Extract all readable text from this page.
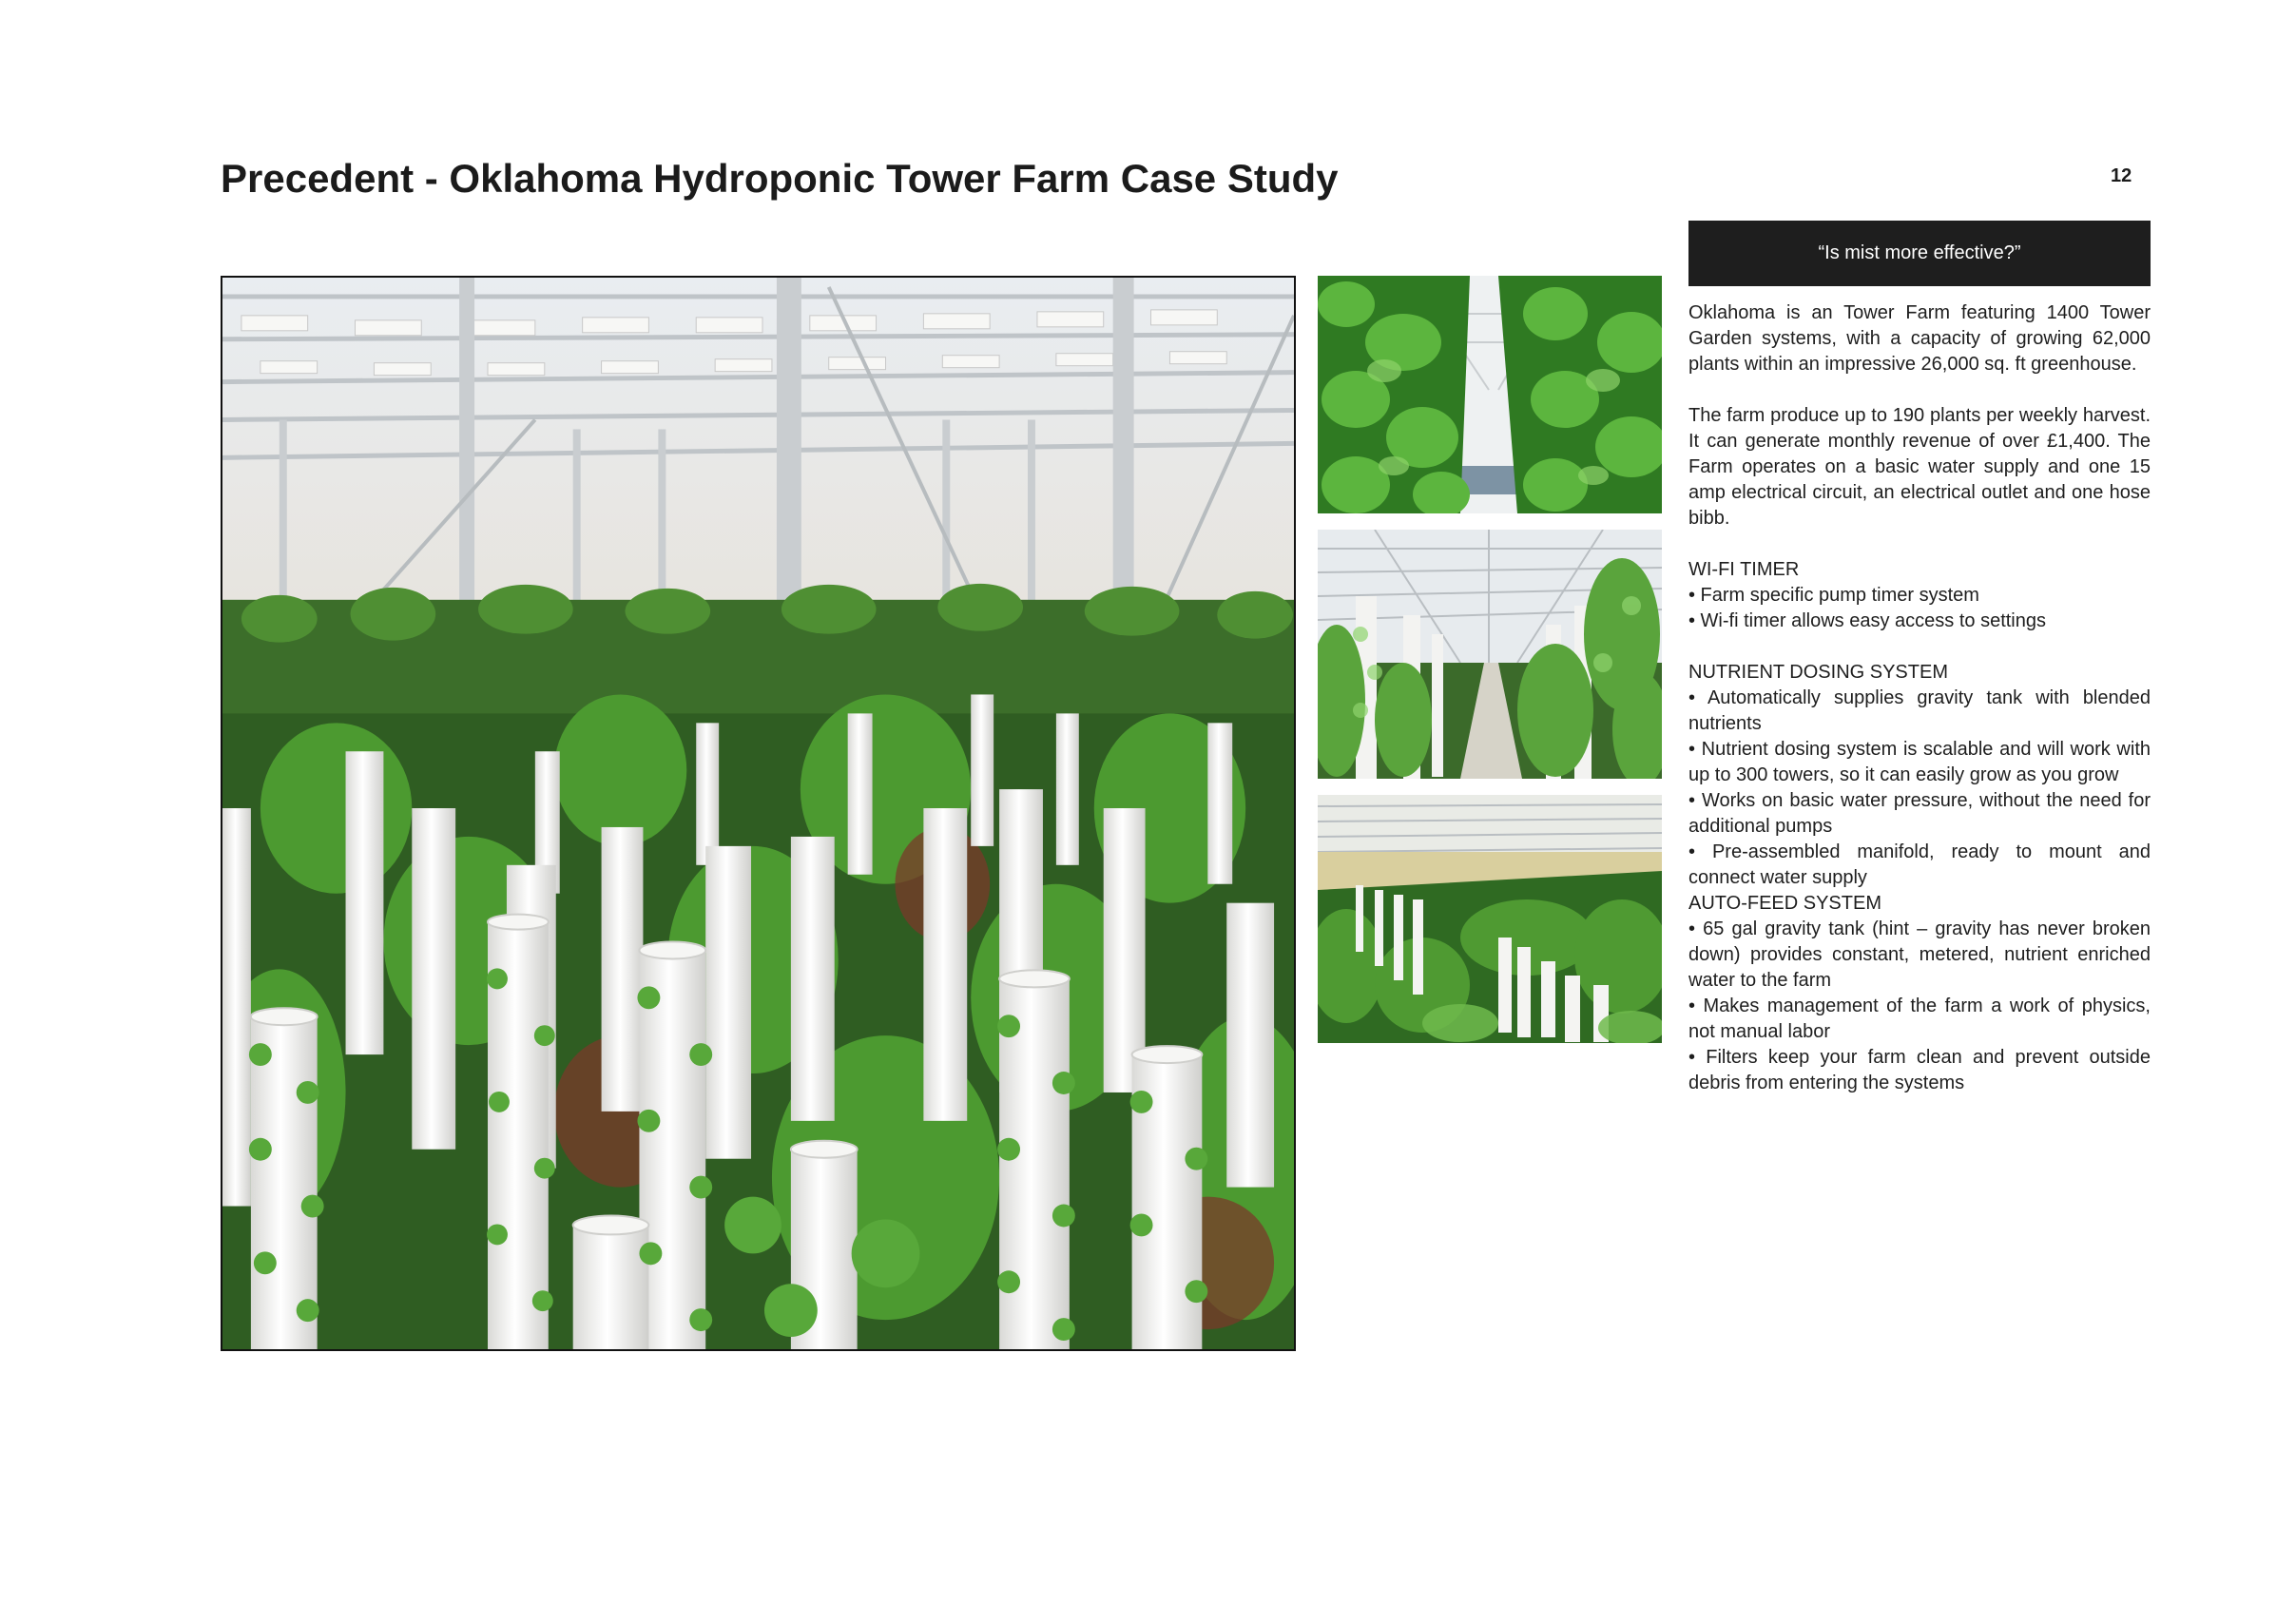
Precedent - Oklahoma Hydroponic Tower Farm Case Study	12
“Is mist more effective?”

Oklahoma is an Tower Farm featuring 1400 Tower Garden systems, with a capacity of growing 62,000 plants within an impressive 26,000 sq. ft greenhouse.

The farm produce up to 190 plants per weekly harvest. It can generate monthly revenue of over £1,400. The Farm operates on a basic water supply and one 15 amp electrical circuit, an electrical outlet and one hose bibb.

WI-FI TIMER

• Farm specific pump timer system

• Wi-fi timer allows easy access to settings

NUTRIENT DOSING SYSTEM

• Automatically supplies gravity tank with blended nutrients

• Nutrient dosing system is scalable and will work with up to 300 towers, so it can easily grow as you grow

• Works on basic water pressure, without the need for additional pumps

• Pre-assembled manifold, ready to mount and connect water supply

AUTO-FEED SYSTEM

• 65 gal gravity tank (hint – gravity has never broken down) provides constant, metered, nutrient enriched water to the farm

• Makes management of the farm a work of physics, not manual labor

• Filters keep your farm clean and prevent outside debris from entering the systems
